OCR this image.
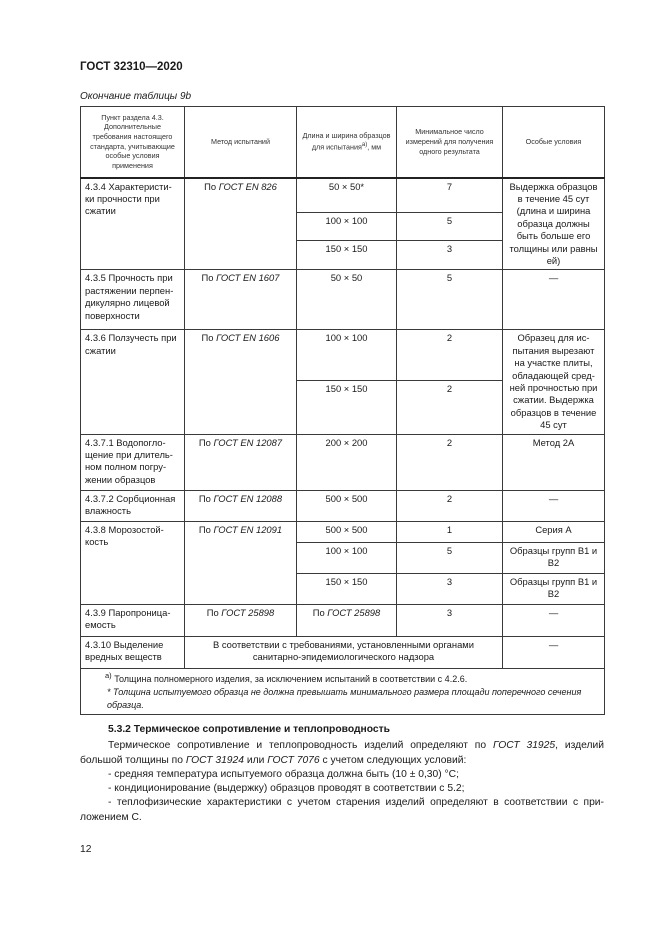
ГОСТ 32310—2020
Окончание таблицы 9b
Пункт раздела 4.3. Дополнительные требования настоящего стандарта, учитывающие особые условия применения	Метод испытаний	Длина и ширина образцов для испытания$^{а)}$, мм	Минимальное число измерений для получения одного результата	Особые условия
4.3.4 Характеристи-ки прочности при сжатии	По ГОСТ EN 826	50 × 50*	7	Выдержка образцов в течение 45 сут (длина и ширина образца должны быть больше его толщины или равны ей)
		100 × 100	5	
		150 × 150	3	
4.3.5 Прочность при растяжении перпен-дикулярно лицевой поверхности	По ГОСТ EN 1607	50 × 50	5	—
4.3.6 Ползучесть при сжатии	По ГОСТ EN 1606	100 × 100	2	Образец для ис-пытания вырезают на участке плиты, обладающей сред-ней прочностью при сжатии. Выдержка образцов в течение 45 сут
		150 × 150	2	
4.3.7.1 Водопогло-щение при длитель-ном полном погру-жении образцов	По ГОСТ EN 12087	200 × 200	2	Метод 2А
4.3.7.2 Сорбционная влажность	По ГОСТ EN 12088	500 × 500	2	—
4.3.8 Морозостой-кость	По ГОСТ EN 12091	500 × 500	1	Серия А
		100 × 100	5	Образцы групп В1 и В2
		150 × 150	3	Образцы групп В1 и В2
4.3.9 Паропроница-емость	По ГОСТ 25898	По ГОСТ 25898	3	—
4.3.10 Выделение вредных веществ	В соответствии с требованиями, установленными органами санитарно-эпидемиологического надзора			—

$^{а)}$ Толщина полномерного изделия, за исключением испытаний в соответствии с 4.2.6.
* Толщина испытуемого образца не должна превышать минимального размера площади поперечного сечения образца.				
5.3.2 Термическое сопротивление и теплопроводность
Термическое сопротивление и теплопроводность изделий определяют по ГОСТ 31925, изделий большой толщины по ГОСТ 31924 или ГОСТ 7076 с учетом следующих условий:
- средняя температура испытуемого образца должна быть (10 ± 0,30) °С;
- кондиционирование (выдержку) образцов проводят в соответствии с 5.2;
- теплофизические характеристики с учетом старения изделий определяют в соответствии с при-ложением С.
12
